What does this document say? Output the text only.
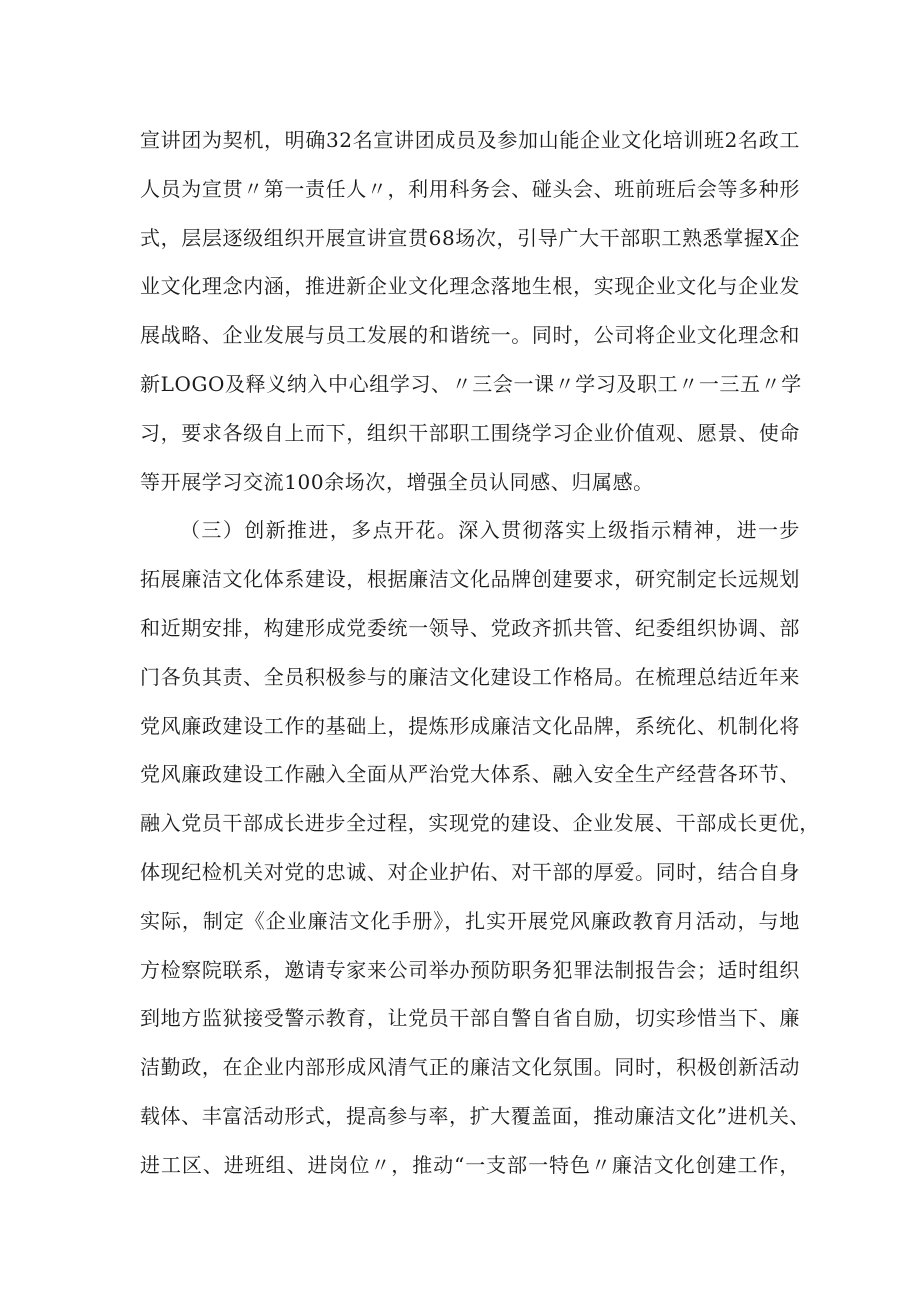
宣讲团为契机，明确32名宣讲团成员及参加山能企业文化培训班2名政工
人员为宣贯〃第一责任人〃，利用科务会、碰头会、班前班后会等多种形
式，层层逐级组织开展宣讲宣贯68场次，引导广大干部职工熟悉掌握X企
业文化理念内涵，推进新企业文化理念落地生根，实现企业文化与企业发
展战略、企业发展与员工发展的和谐统一。同时，公司将企业文化理念和
新LOGO及释义纳入中心组学习、〃三会一课〃学习及职工〃一三五〃学
习，要求各级自上而下，组织干部职工围绕学习企业价值观、愿景、使命
等开展学习交流100余场次，增强全员认同感、归属感。
（三）创新推进，多点开花。深入贯彻落实上级指示精神，进一步
拓展廉洁文化体系建设，根据廉洁文化品牌创建要求，研究制定长远规划
和近期安排，构建形成党委统一领导、党政齐抓共管、纪委组织协调、部
门各负其责、全员积极参与的廉洁文化建设工作格局。在梳理总结近年来
党风廉政建设工作的基础上，提炼形成廉洁文化品牌，系统化、机制化将
党风廉政建设工作融入全面从严治党大体系、融入安全生产经营各环节、
融入党员干部成长进步全过程，实现党的建设、企业发展、干部成长更优，
体现纪检机关对党的忠诚、对企业护佑、对干部的厚爱。同时，结合自身
实际，制定《企业廉洁文化手册》，扎实开展党风廉政教育月活动，与地
方检察院联系，邀请专家来公司举办预防职务犯罪法制报告会；适时组织
到地方监狱接受警示教育，让党员干部自警自省自励，切实珍惜当下、廉
洁勤政，在企业内部形成风清气正的廉洁文化氛围。同时，积极创新活动
载体、丰富活动形式，提高参与率，扩大覆盖面，推动廉洁文化”进机关、
进工区、进班组、进岗位〃，推动“一支部一特色〃廉洁文化创建工作，
